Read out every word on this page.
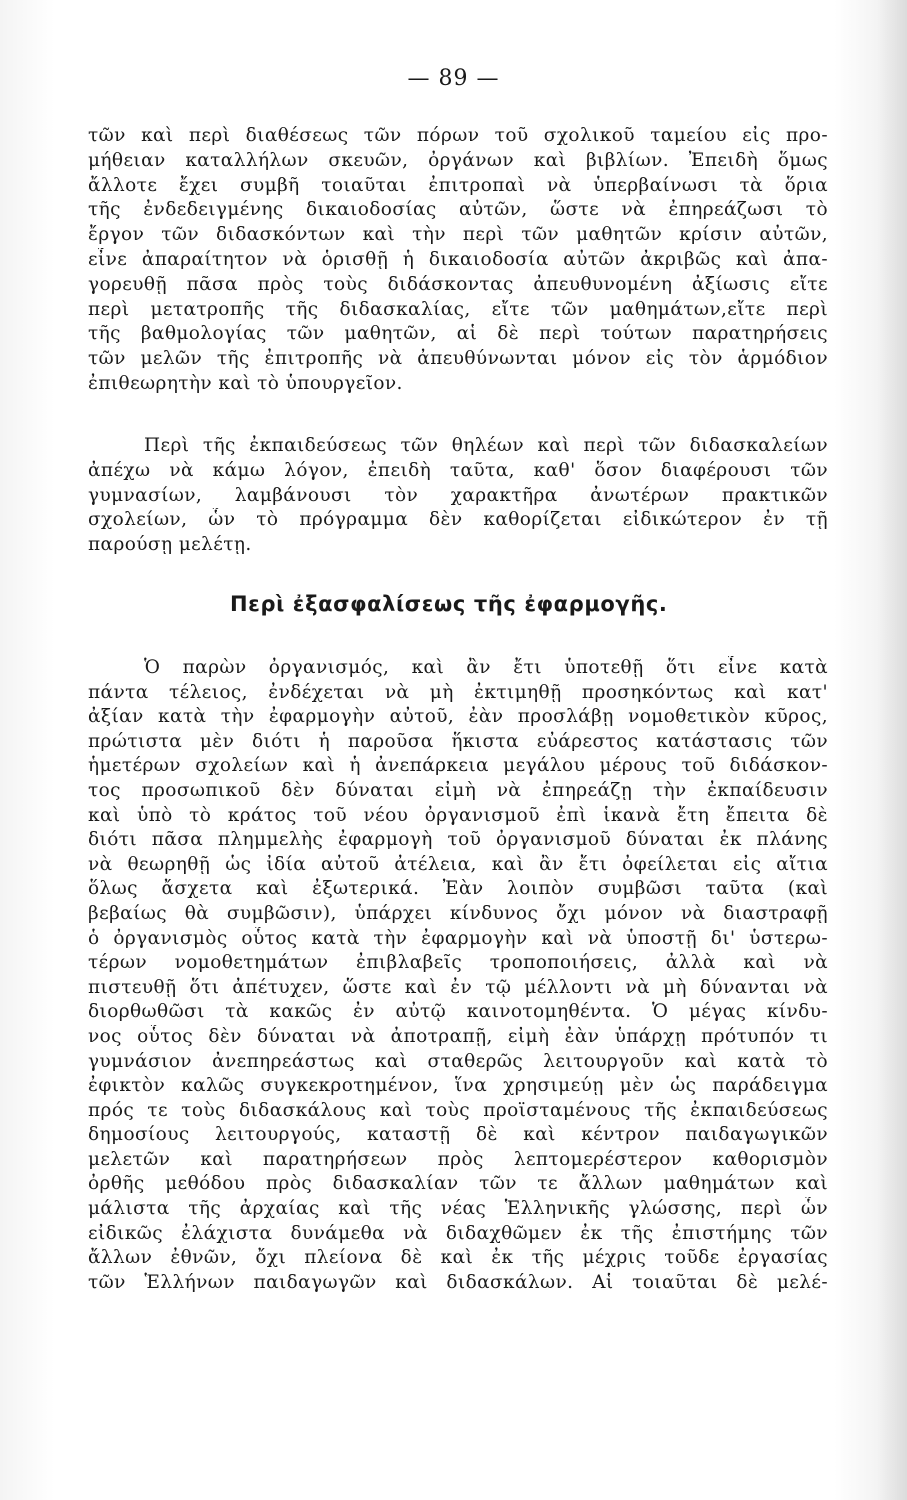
— 89 —
τῶν καὶ περὶ διαθέσεως τῶν πόρων τοῦ σχολικοῦ ταμείου εἰς προ-
μήθειαν καταλλήλων σκευῶν, ὀργάνων καὶ βιβλίων. Ἐπειδὴ ὅμως
ἄλλοτε ἔχει συμβῆ τοιαῦται ἐπιτροπαὶ νὰ ὑπερβαίνωσι τὰ ὅρια
τῆς ἐνδεδειγμένης δικαιοδοσίας αὐτῶν, ὥστε νὰ ἐπηρεάζωσι τὸ
ἔργον τῶν διδασκόντων καὶ τὴν περὶ τῶν μαθητῶν κρίσιν αὐτῶν,
εἶνε ἀπαραίτητον νὰ ὁρισθῇ ἡ δικαιοδοσία αὐτῶν ἀκριβῶς καὶ ἀπα-
γορευθῇ πᾶσα πρὸς τοὺς διδάσκοντας ἀπευθυνομένη ἀξίωσις εἴτε
περὶ μετατροπῆς τῆς διδασκαλίας, εἴτε τῶν μαθημάτων,εἴτε περὶ
τῆς βαθμολογίας τῶν μαθητῶν, αἱ δὲ περὶ τούτων παρατηρήσεις
τῶν μελῶν τῆς ἐπιτροπῆς νὰ ἀπευθύνωνται μόνον εἰς τὸν ἁρμόδιον
ἐπιθεωρητὴν καὶ τὸ ὑπουργεῖον.
Περὶ τῆς ἐκπαιδεύσεως τῶν θηλέων καὶ περὶ τῶν διδασκαλείων
ἀπέχω νὰ κάμω λόγον, ἐπειδὴ ταῦτα, καθ' ὅσον διαφέρουσι τῶν
γυμνασίων, λαμβάνουσι τὸν χαρακτῆρα ἀνωτέρων πρακτικῶν
σχολείων, ὧν τὸ πρόγραμμα δὲν καθορίζεται εἰδικώτερον ἐν τῇ
παρούσῃ μελέτῃ.
Περὶ ἐξασφαλίσεως τῆς ἐφαρμογῆς.
Ὁ παρὼν ὀργανισμός, καὶ ἂν ἔτι ὑποτεθῇ ὅτι εἶνε κατὰ
πάντα τέλειος, ἐνδέχεται νὰ μὴ ἐκτιμηθῇ προσηκόντως καὶ κατ'
ἀξίαν κατὰ τὴν ἐφαρμογὴν αὐτοῦ, ἐὰν προσλάβῃ νομοθετικὸν κῦρος,
πρώτιστα μὲν διότι ἡ παροῦσα ἥκιστα εὐάρεστος κατάστασις τῶν
ἡμετέρων σχολείων καὶ ἡ ἀνεπάρκεια μεγάλου μέρους τοῦ διδάσκον-
τος προσωπικοῦ δὲν δύναται εἰμὴ νὰ ἐπηρεάζῃ τὴν ἐκπαίδευσιν
καὶ ὑπὸ τὸ κράτος τοῦ νέου ὀργανισμοῦ ἐπὶ ἱκανὰ ἔτη ἔπειτα δὲ
διότι πᾶσα πλημμελὴς ἐφαρμογὴ τοῦ ὀργανισμοῦ δύναται ἐκ πλάνης
νὰ θεωρηθῇ ὡς ἰδία αὐτοῦ ἀτέλεια, καὶ ἂν ἔτι ὀφείλεται εἰς αἴτια
ὅλως ἄσχετα καὶ ἐξωτερικά. Ἐὰν λοιπὸν συμβῶσι ταῦτα (καὶ
βεβαίως θὰ συμβῶσιν), ὑπάρχει κίνδυνος ὄχι μόνον νὰ διαστραφῇ
ὁ ὀργανισμὸς οὗτος κατὰ τὴν ἐφαρμογὴν καὶ νὰ ὑποστῇ δι' ὑστερω-
τέρων νομοθετημάτων ἐπιβλαβεῖς τροποποιήσεις, ἀλλὰ καὶ νὰ
πιστευθῇ ὅτι ἀπέτυχεν, ὥστε καὶ ἐν τῷ μέλλοντι νὰ μὴ δύνανται νὰ
διορθωθῶσι τὰ κακῶς ἐν αὐτῷ καινοτομηθέντα. Ὁ μέγας κίνδυ-
νος οὗτος δὲν δύναται νὰ ἀποτραπῇ, εἰμὴ ἐὰν ὑπάρχῃ πρότυπόν τι
γυμνάσιον ἀνεπηρεάστως καὶ σταθερῶς λειτουργοῦν καὶ κατὰ τὸ
ἐφικτὸν καλῶς συγκεκροτημένον, ἵνα χρησιμεύῃ μὲν ὡς παράδειγμα
πρός τε τοὺς διδασκάλους καὶ τοὺς προϊσταμένους τῆς ἐκπαιδεύσεως
δημοσίους λειτουργούς, καταστῇ δὲ καὶ κέντρον παιδαγωγικῶν
μελετῶν καὶ παρατηρήσεων πρὸς λεπτομερέστερον καθορισμὸν
ὀρθῆς μεθόδου πρὸς διδασκαλίαν τῶν τε ἄλλων μαθημάτων καὶ
μάλιστα τῆς ἀρχαίας καὶ τῆς νέας Ἑλληνικῆς γλώσσης, περὶ ὧν
εἰδικῶς ἐλάχιστα δυνάμεθα νὰ διδαχθῶμεν ἐκ τῆς ἐπιστήμης τῶν
ἄλλων ἐθνῶν, ὄχι πλείονα δὲ καὶ ἐκ τῆς μέχρις τοῦδε ἐργασίας
τῶν Ἑλλήνων παιδαγωγῶν καὶ διδασκάλων. Αἱ τοιαῦται δὲ μελέ-
